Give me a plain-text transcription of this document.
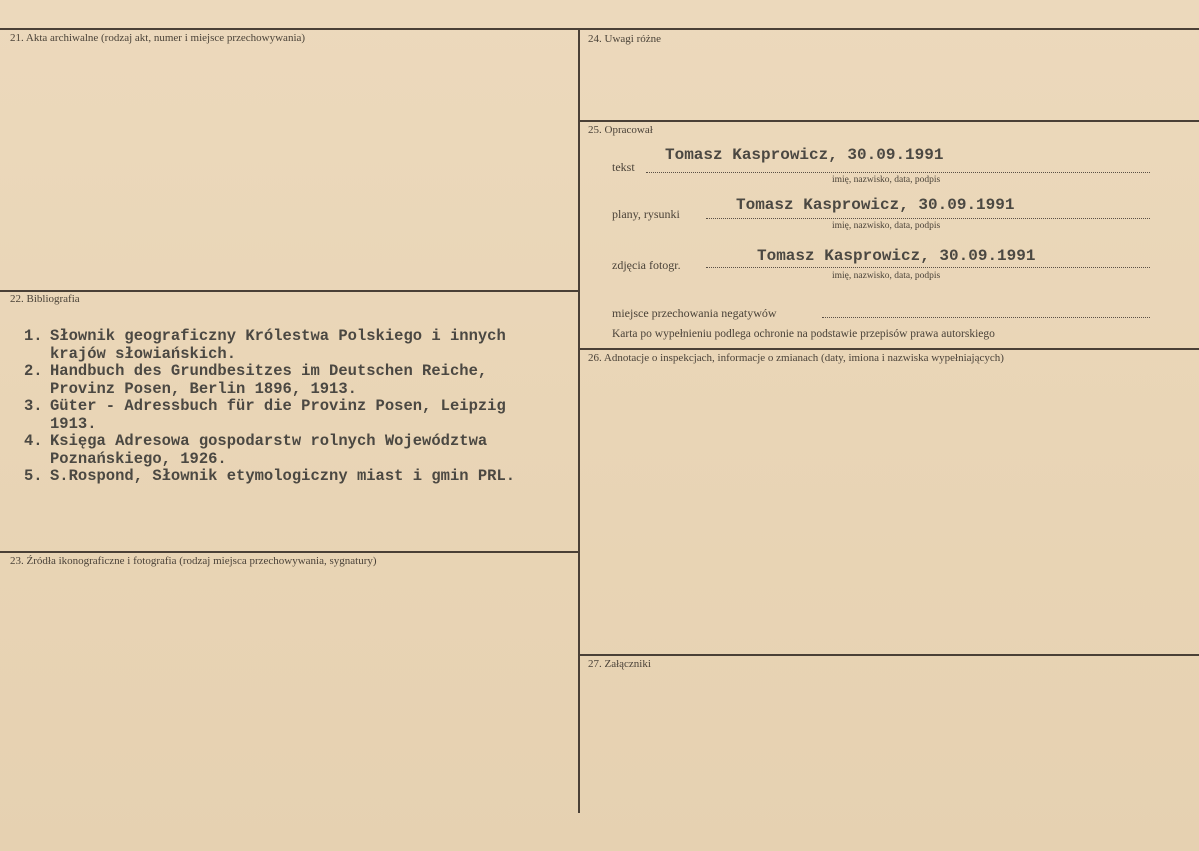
21. Akta archiwalne (rodzaj akt, numer i miejsce przechowywania)
22. Bibliografia
1. Słownik geograficzny Królestwa Polskiego i innych
krajów słowiańskich.
2. Handbuch des Grundbesitzes im Deutschen Reiche,
Provinz Posen, Berlin 1896, 1913.
3. Güter - Adressbuch für die Provinz Posen, Leipzig
1913.
4. Księga Adresowa gospodarstw rolnych Województwa
Poznańskiego, 1926.
5. S.Rospond, Słownik etymologiczny miast i gmin PRL.
23. Źródła ikonograficzne i fotografia (rodzaj miejsca przechowywania, sygnatury)
24. Uwagi różne
25. Opracował
tekst
Tomasz Kasprowicz, 30.09.1991
imię, nazwisko, data, podpis
plany, rysunki	Tomasz Kasprowicz, 30.09.1991
imię, nazwisko, data, podpis
zdjęcia fotogr.	Tomasz Kasprowicz, 30.09.1991
imię, nazwisko, data, podpis
miejsce przechowania negatywów
Karta po wypełnieniu podlega ochronie na podstawie przepisów prawa autorskiego
26. Adnotacje o inspekcjach, informacje o zmianach (daty, imiona i nazwiska wypełniających)
27. Załączniki
